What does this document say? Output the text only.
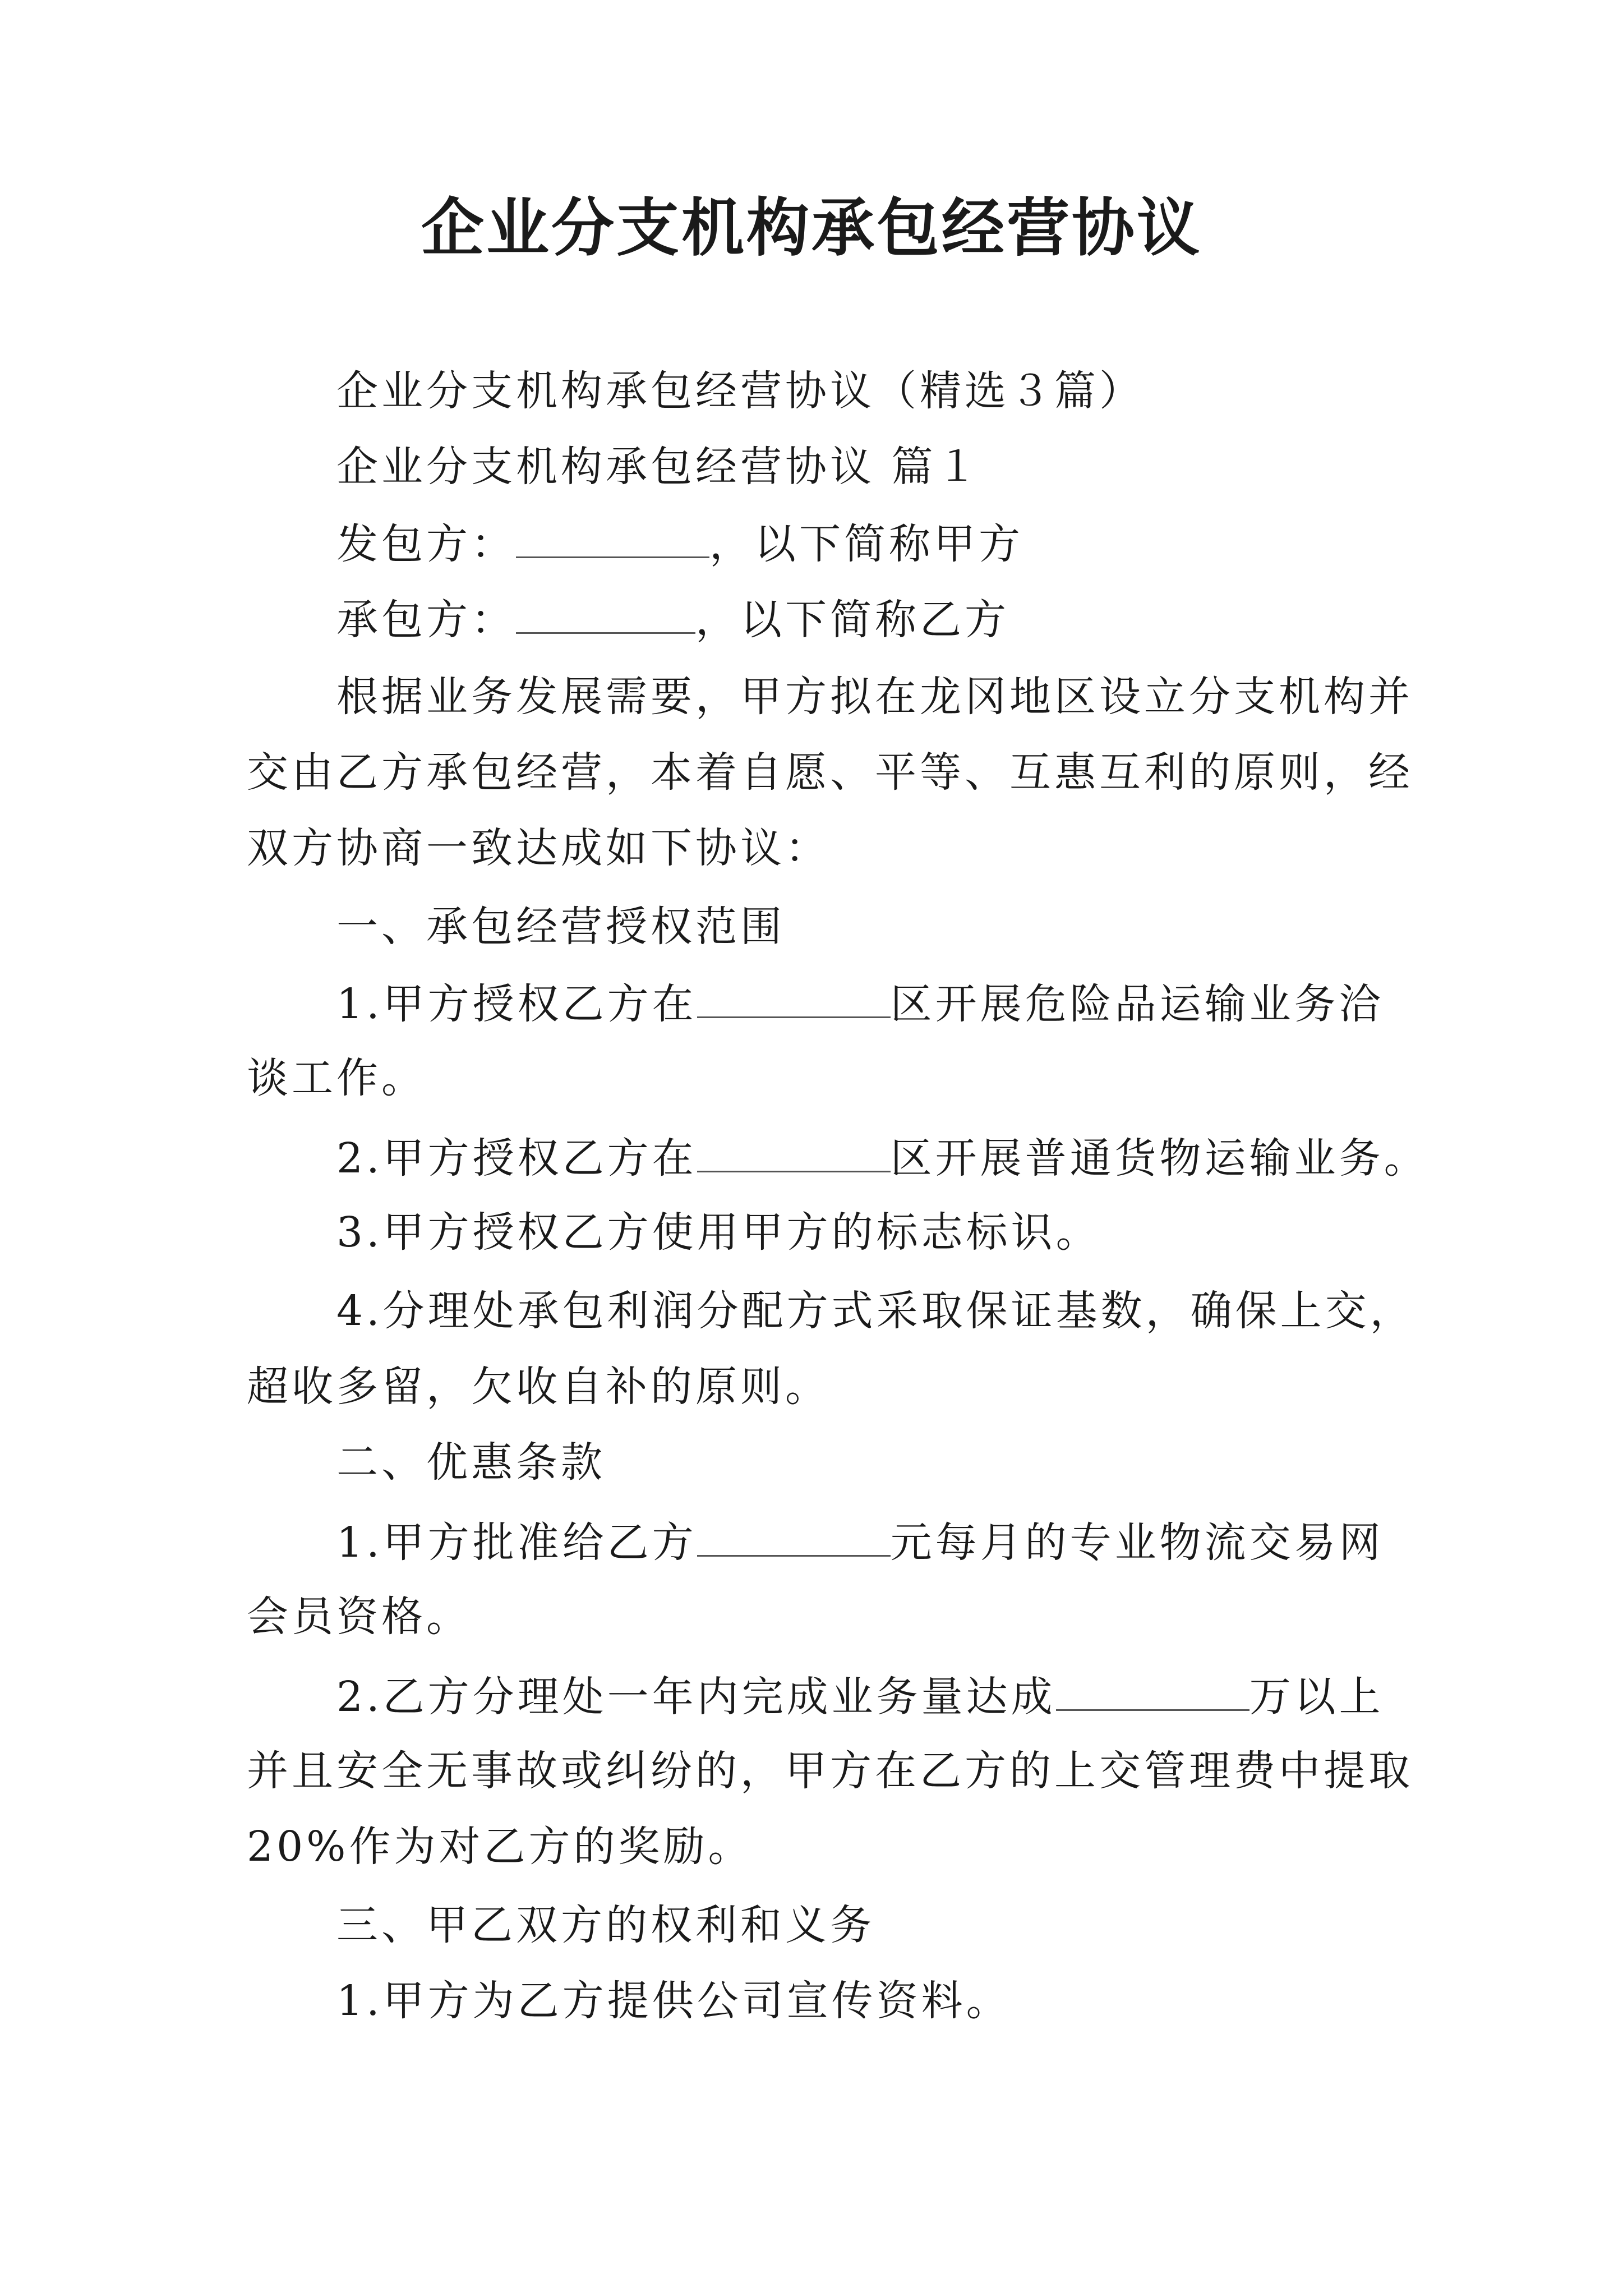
企业分支机构承包经营协议
企业分支机构承包经营协议（精选３篇）
企业分支机构承包经营协议 篇１
发包方：	，以下简称甲方
承包方：	，以下简称乙方
根据业务发展需要，甲方拟在龙冈地区设立分支机构并
交由乙方承包经营，本着自愿、平等、互惠互利的原则，经
双方协商一致达成如下协议：
一、承包经营授权范围
1.甲方授权乙方在	区开展危险品运输业务洽
谈工作。
2.甲方授权乙方在	区开展普通货物运输业务。
3.甲方授权乙方使用甲方的标志标识。
4.分理处承包利润分配方式采取保证基数，确保上交，
超收多留，欠收自补的原则。
二、优惠条款
1.甲方批准给乙方	元每月的专业物流交易网
会员资格。
2.乙方分理处一年内完成业务量达成	万以上
并且安全无事故或纠纷的，甲方在乙方的上交管理费中提取
20%作为对乙方的奖励。
三、甲乙双方的权利和义务
1.甲方为乙方提供公司宣传资料。
